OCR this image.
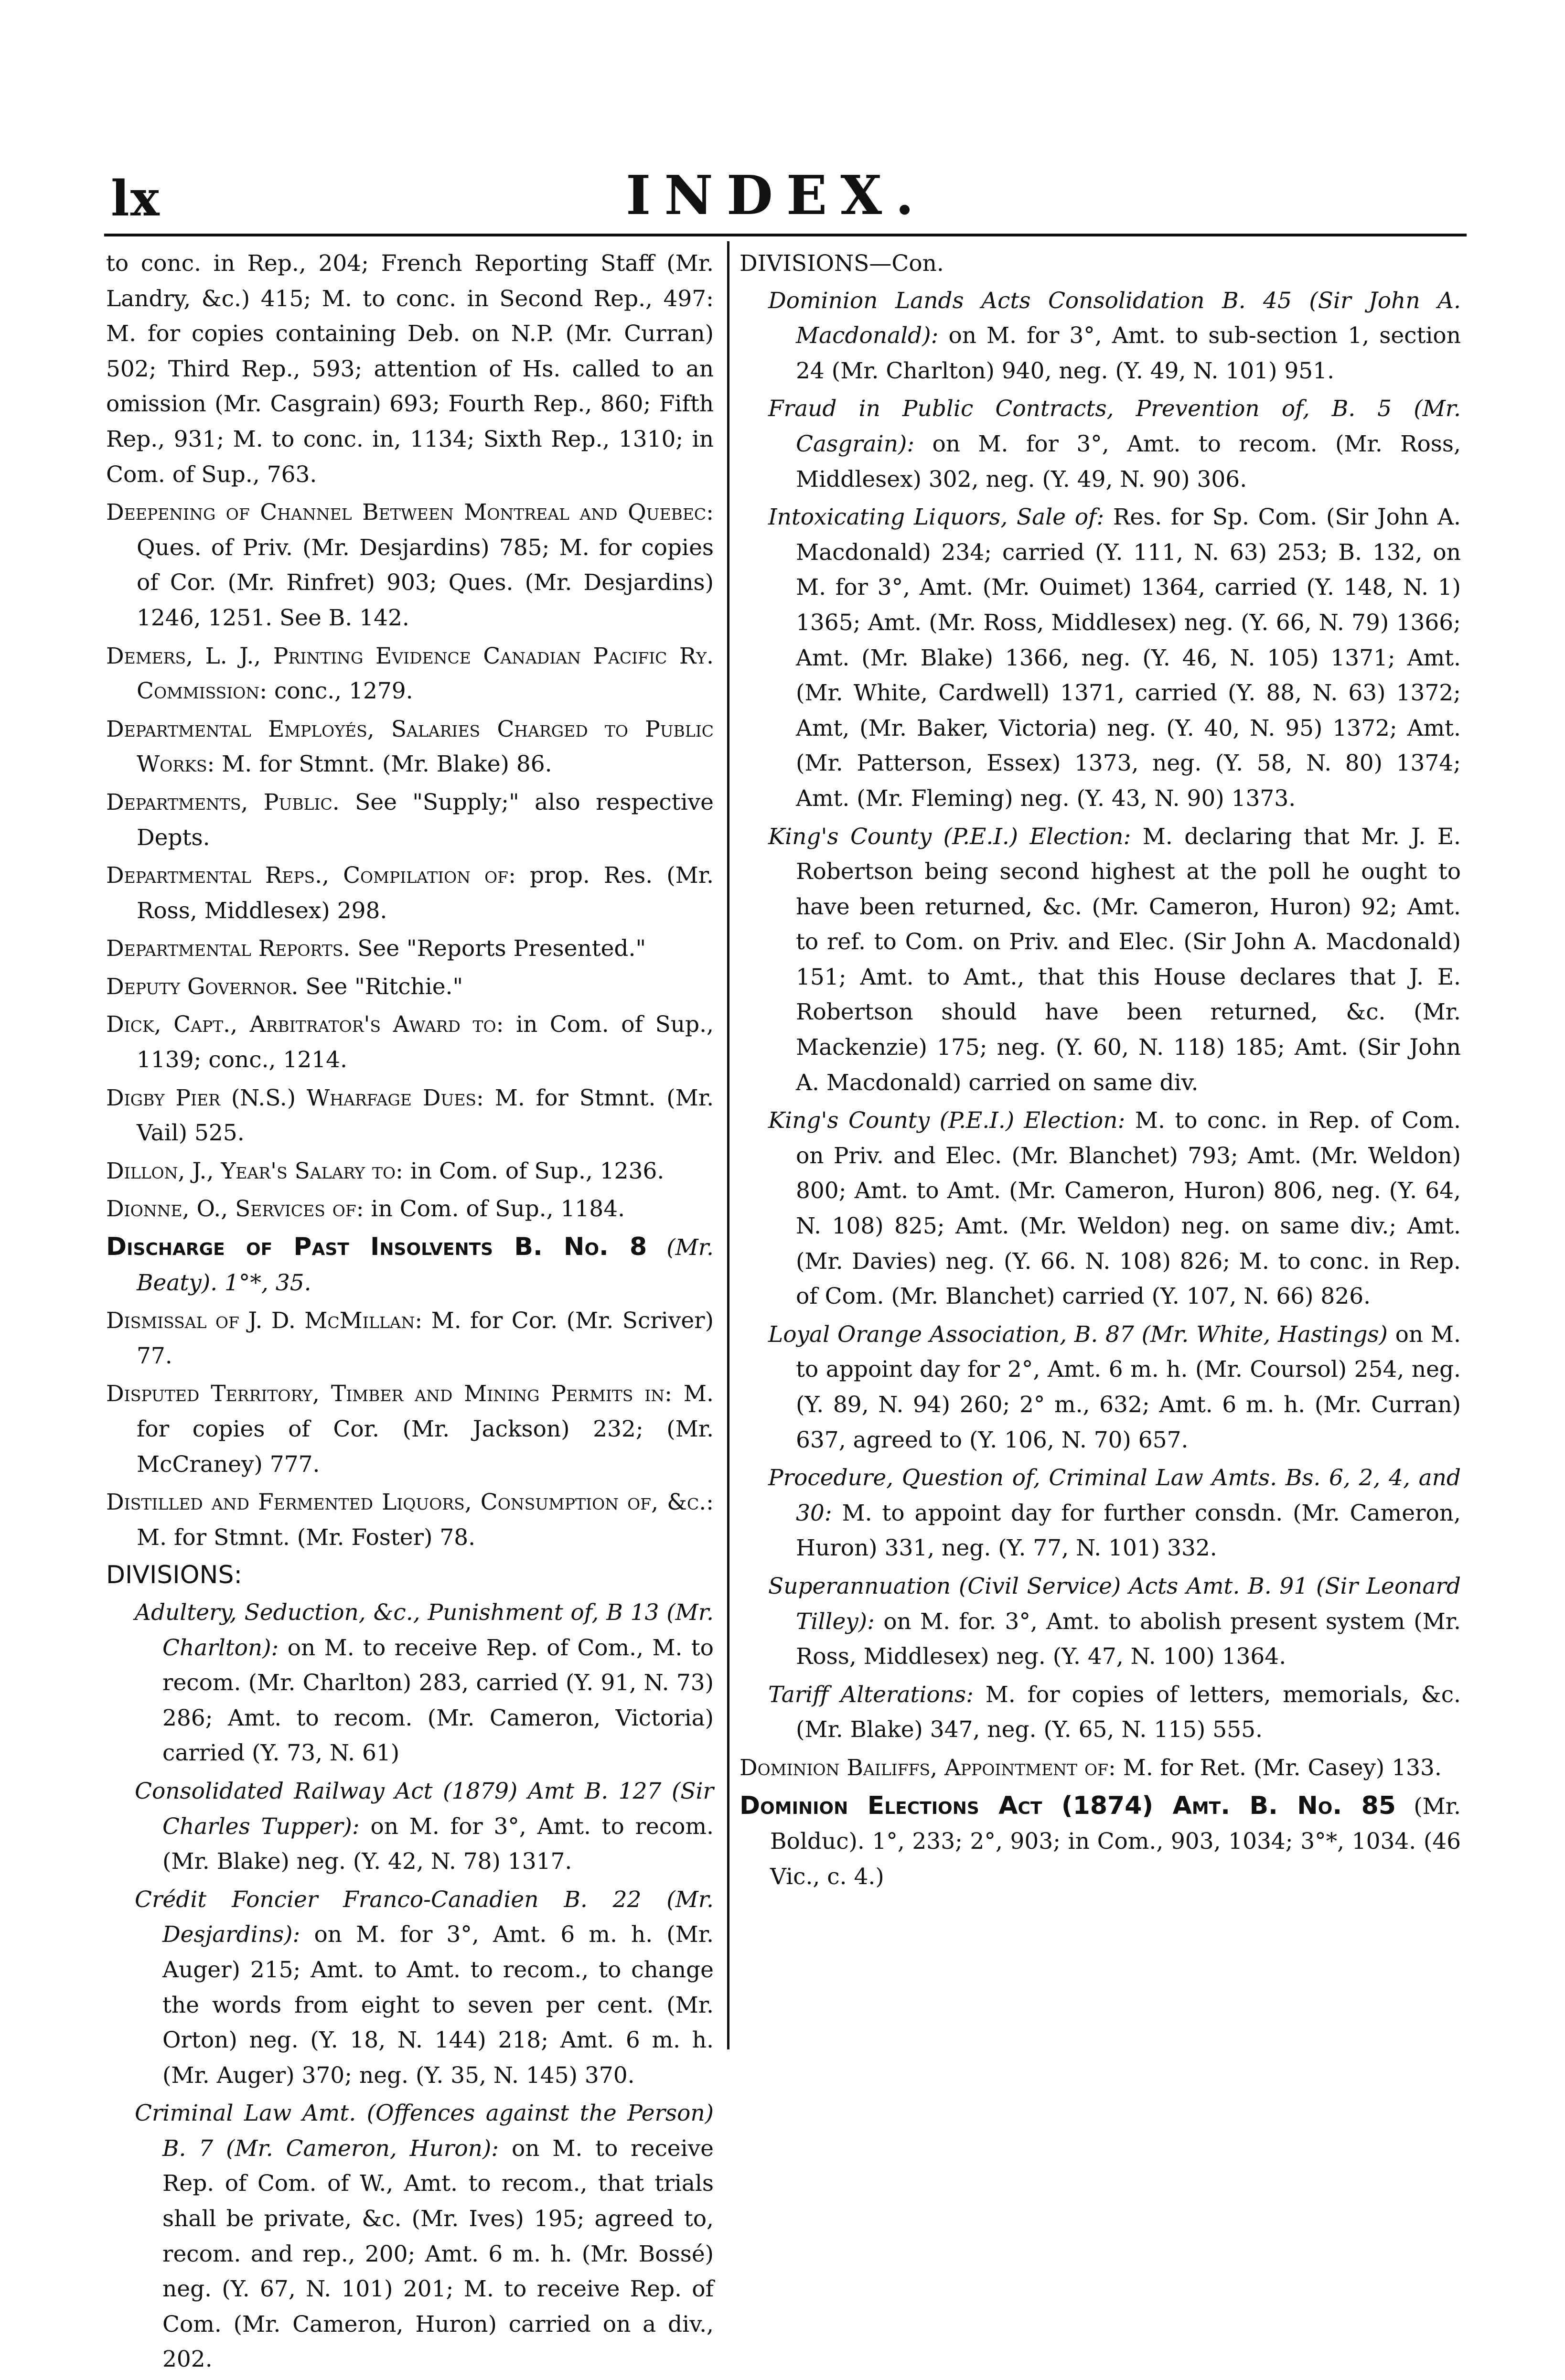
lx	INDEX.

to conc. in Rep., 204; French Reporting Staff (Mr. Landry, &c.) 415; M. to conc. in Second Rep., 497: M. for copies containing Deb. on N.P. (Mr. Curran) 502; Third Rep., 593; attention of Hs. called to an omission (Mr. Casgrain) 693; Fourth Rep., 860; Fifth Rep., 931; M. to conc. in, 1134; Sixth Rep., 1310; in Com. of Sup., 763.

Deepening of Channel Between Montreal and Quebec: Ques. of Priv. (Mr. Desjardins) 785; M. for copies of Cor. (Mr. Rinfret) 903; Ques. (Mr. Desjardins) 1246, 1251. See B. 142.

Demers, L. J., Printing Evidence Canadian Pacific Ry. Commission: conc., 1279.

Departmental Employés, Salaries Charged to Public Works: M. for Stmnt. (Mr. Blake) 86.

Departments, Public. See "Supply;" also respective Depts.

Departmental Reps., Compilation of: prop. Res. (Mr. Ross, Middlesex) 298.

Departmental Reports. See "Reports Presented."

Deputy Governor. See "Ritchie."

Dick, Capt., Arbitrator's Award to: in Com. of Sup., 1139; conc., 1214.

Digby Pier (N.S.) Wharfage Dues: M. for Stmnt. (Mr. Vail) 525.

Dillon, J., Year's Salary to: in Com. of Sup., 1236.

Dionne, O., Services of: in Com. of Sup., 1184.

Discharge of Past Insolvents B. No. 8 (Mr. Beaty). 1°*, 35.

Dismissal of J. D. McMillan: M. for Cor. (Mr. Scriver) 77.

Disputed Territory, Timber and Mining Permits in: M. for copies of Cor. (Mr. Jackson) 232; (Mr. McCraney) 777.

Distilled and Fermented Liquors, Consumption of, &c.: M. for Stmnt. (Mr. Foster) 78.

DIVISIONS:

Adultery, Seduction, &c., Punishment of, B 13 (Mr. Charlton): on M. to receive Rep. of Com., M. to recom. (Mr. Charlton) 283, carried (Y. 91, N. 73) 286; Amt. to recom. (Mr. Cameron, Victoria) carried (Y. 73, N. 61)

Consolidated Railway Act (1879) Amt B. 127 (Sir Charles Tupper): on M. for 3°, Amt. to recom. (Mr. Blake) neg. (Y. 42, N. 78) 1317.

Crédit Foncier Franco-Canadien B. 22 (Mr. Desjardins): on M. for 3°, Amt. 6 m. h. (Mr. Auger) 215; Amt. to Amt. to recom., to change the words from eight to seven per cent. (Mr. Orton) neg. (Y. 18, N. 144) 218; Amt. 6 m. h. (Mr. Auger) 370; neg. (Y. 35, N. 145) 370.

Criminal Law Amt. (Offences against the Person) B. 7 (Mr. Cameron, Huron): on M. to receive Rep. of Com. of W., Amt. to recom., that trials shall be private, &c. (Mr. Ives) 195; agreed to, recom. and rep., 200; Amt. 6 m. h. (Mr. Bossé) neg. (Y. 67, N. 101) 201; M. to receive Rep. of Com. (Mr. Cameron, Huron) carried on a div., 202.

DIVISIONS—Con.

Dominion Lands Acts Consolidation B. 45 (Sir John A. Macdonald): on M. for 3°, Amt. to sub-section 1, section 24 (Mr. Charlton) 940, neg. (Y. 49, N. 101) 951.

Fraud in Public Contracts, Prevention of, B. 5 (Mr. Casgrain): on M. for 3°, Amt. to recom. (Mr. Ross, Middlesex) 302, neg. (Y. 49, N. 90) 306.

Intoxicating Liquors, Sale of: Res. for Sp. Com. (Sir John A. Macdonald) 234; carried (Y. 111, N. 63) 253; B. 132, on M. for 3°, Amt. (Mr. Ouimet) 1364, carried (Y. 148, N. 1) 1365; Amt. (Mr. Ross, Middlesex) neg. (Y. 66, N. 79) 1366; Amt. (Mr. Blake) 1366, neg. (Y. 46, N. 105) 1371; Amt. (Mr. White, Cardwell) 1371, carried (Y. 88, N. 63) 1372; Amt, (Mr. Baker, Victoria) neg. (Y. 40, N. 95) 1372; Amt. (Mr. Patterson, Essex) 1373, neg. (Y. 58, N. 80) 1374; Amt. (Mr. Fleming) neg. (Y. 43, N. 90) 1373.

King's County (P.E.I.) Election: M. declaring that Mr. J. E. Robertson being second highest at the poll he ought to have been returned, &c. (Mr. Cameron, Huron) 92; Amt. to ref. to Com. on Priv. and Elec. (Sir John A. Macdonald) 151; Amt. to Amt., that this House declares that J. E. Robertson should have been returned, &c. (Mr. Mackenzie) 175; neg. (Y. 60, N. 118) 185; Amt. (Sir John A. Macdonald) carried on same div.

King's County (P.E.I.) Election: M. to conc. in Rep. of Com. on Priv. and Elec. (Mr. Blanchet) 793; Amt. (Mr. Weldon) 800; Amt. to Amt. (Mr. Cameron, Huron) 806, neg. (Y. 64, N. 108) 825; Amt. (Mr. Weldon) neg. on same div.; Amt. (Mr. Davies) neg. (Y. 66. N. 108) 826; M. to conc. in Rep. of Com. (Mr. Blanchet) carried (Y. 107, N. 66) 826.

Loyal Orange Association, B. 87 (Mr. White, Hastings) on M. to appoint day for 2°, Amt. 6 m. h. (Mr. Coursol) 254, neg. (Y. 89, N. 94) 260; 2° m., 632; Amt. 6 m. h. (Mr. Curran) 637, agreed to (Y. 106, N. 70) 657.

Procedure, Question of, Criminal Law Amts. Bs. 6, 2, 4, and 30: M. to appoint day for further consdn. (Mr. Cameron, Huron) 331, neg. (Y. 77, N. 101) 332.

Superannuation (Civil Service) Acts Amt. B. 91 (Sir Leonard Tilley): on M. for. 3°, Amt. to abolish present system (Mr. Ross, Middlesex) neg. (Y. 47, N. 100) 1364.

Tariff Alterations: M. for copies of letters, memorials, &c. (Mr. Blake) 347, neg. (Y. 65, N. 115) 555.

Dominion Bailiffs, Appointment of: M. for Ret. (Mr. Casey) 133.

Dominion Elections Act (1874) Amt. B. No. 85 (Mr. Bolduc). 1°, 233; 2°, 903; in Com., 903, 1034; 3°*, 1034. (46 Vic., c. 4.)
